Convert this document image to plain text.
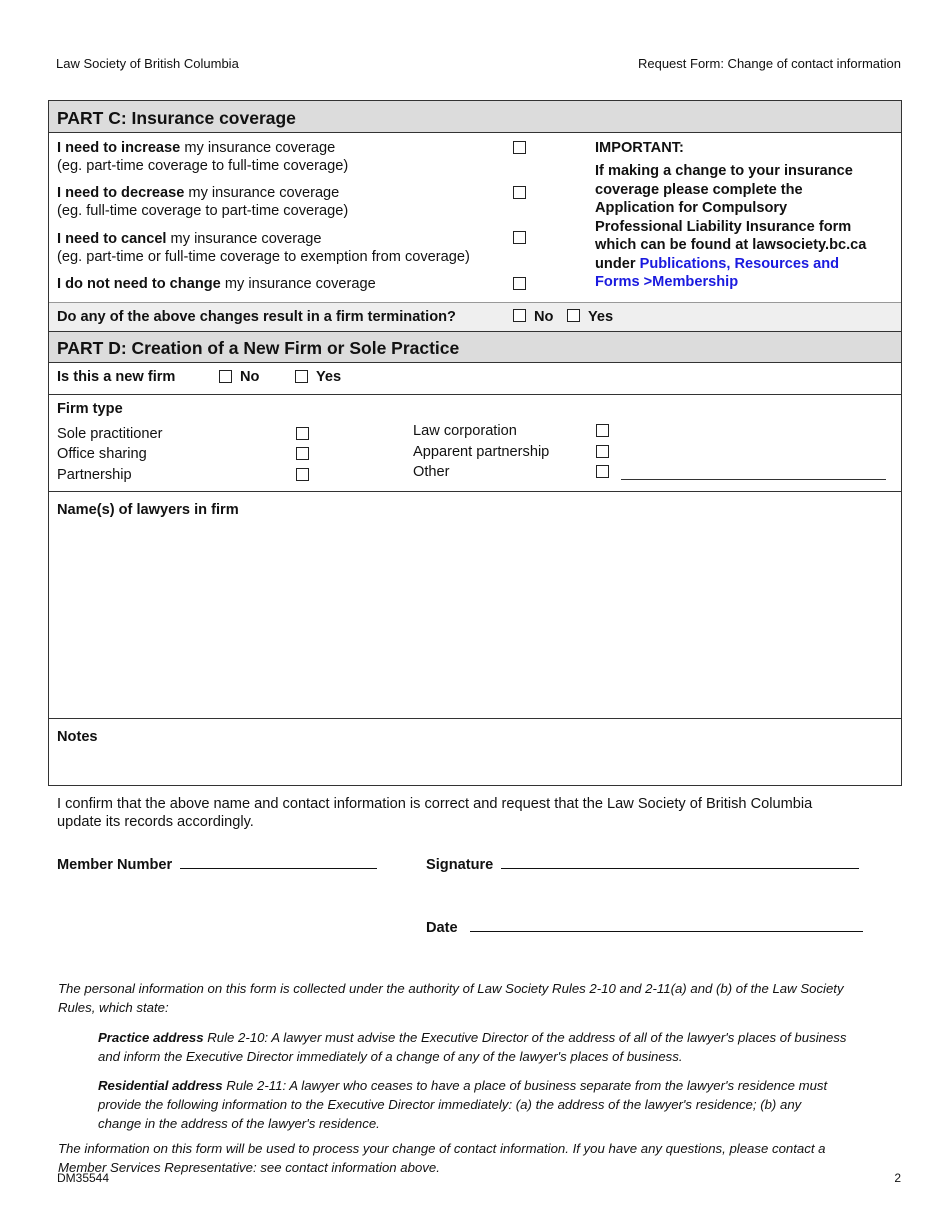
Law Society of British Columbia	Request Form: Change of contact information
PART C: Insurance coverage
I need to increase my insurance coverage
(eg. part-time coverage to full-time coverage)
I need to decrease my insurance coverage
(eg. full-time coverage to part-time coverage)
I need to cancel my insurance coverage
(eg. part-time or full-time coverage to exemption from coverage)
I do not need to change my insurance coverage
IMPORTANT:
If making a change to your insurance
coverage please complete the
Application for Compulsory
Professional Liability Insurance form
which can be found at lawsociety.bc.ca
under Publications, Resources and
Forms >Membership
Do any of the above changes result in a firm termination?	No Yes
PART D: Creation of a New Firm or Sole Practice
Is this a new firm	No	Yes
Firm type
Sole practitioner
Office sharing
Partnership
Law corporation
Apparent partnership
Other
Name(s) of lawyers in firm
Notes
I confirm that the above name and contact information is correct and request that the Law Society of British Columbia
update its records accordingly.
Member Number	Signature
Date
The personal information on this form is collected under the authority of Law Society Rules 2-10 and 2-11(a) and (b) of the Law Society
Rules, which state:
Practice address Rule 2-10: A lawyer must advise the Executive Director of the address of all of the lawyer's places of business
and inform the Executive Director immediately of a change of any of the lawyer's places of business.
Residential address Rule 2-11: A lawyer who ceases to have a place of business separate from the lawyer's residence must
provide the following information to the Executive Director immediately: (a) the address of the lawyer's residence; (b) any
change in the address of the lawyer's residence.
The information on this form will be used to process your change of contact information. If you have any questions, please contact a
Member Services Representative: see contact information above.
DM35544	2
